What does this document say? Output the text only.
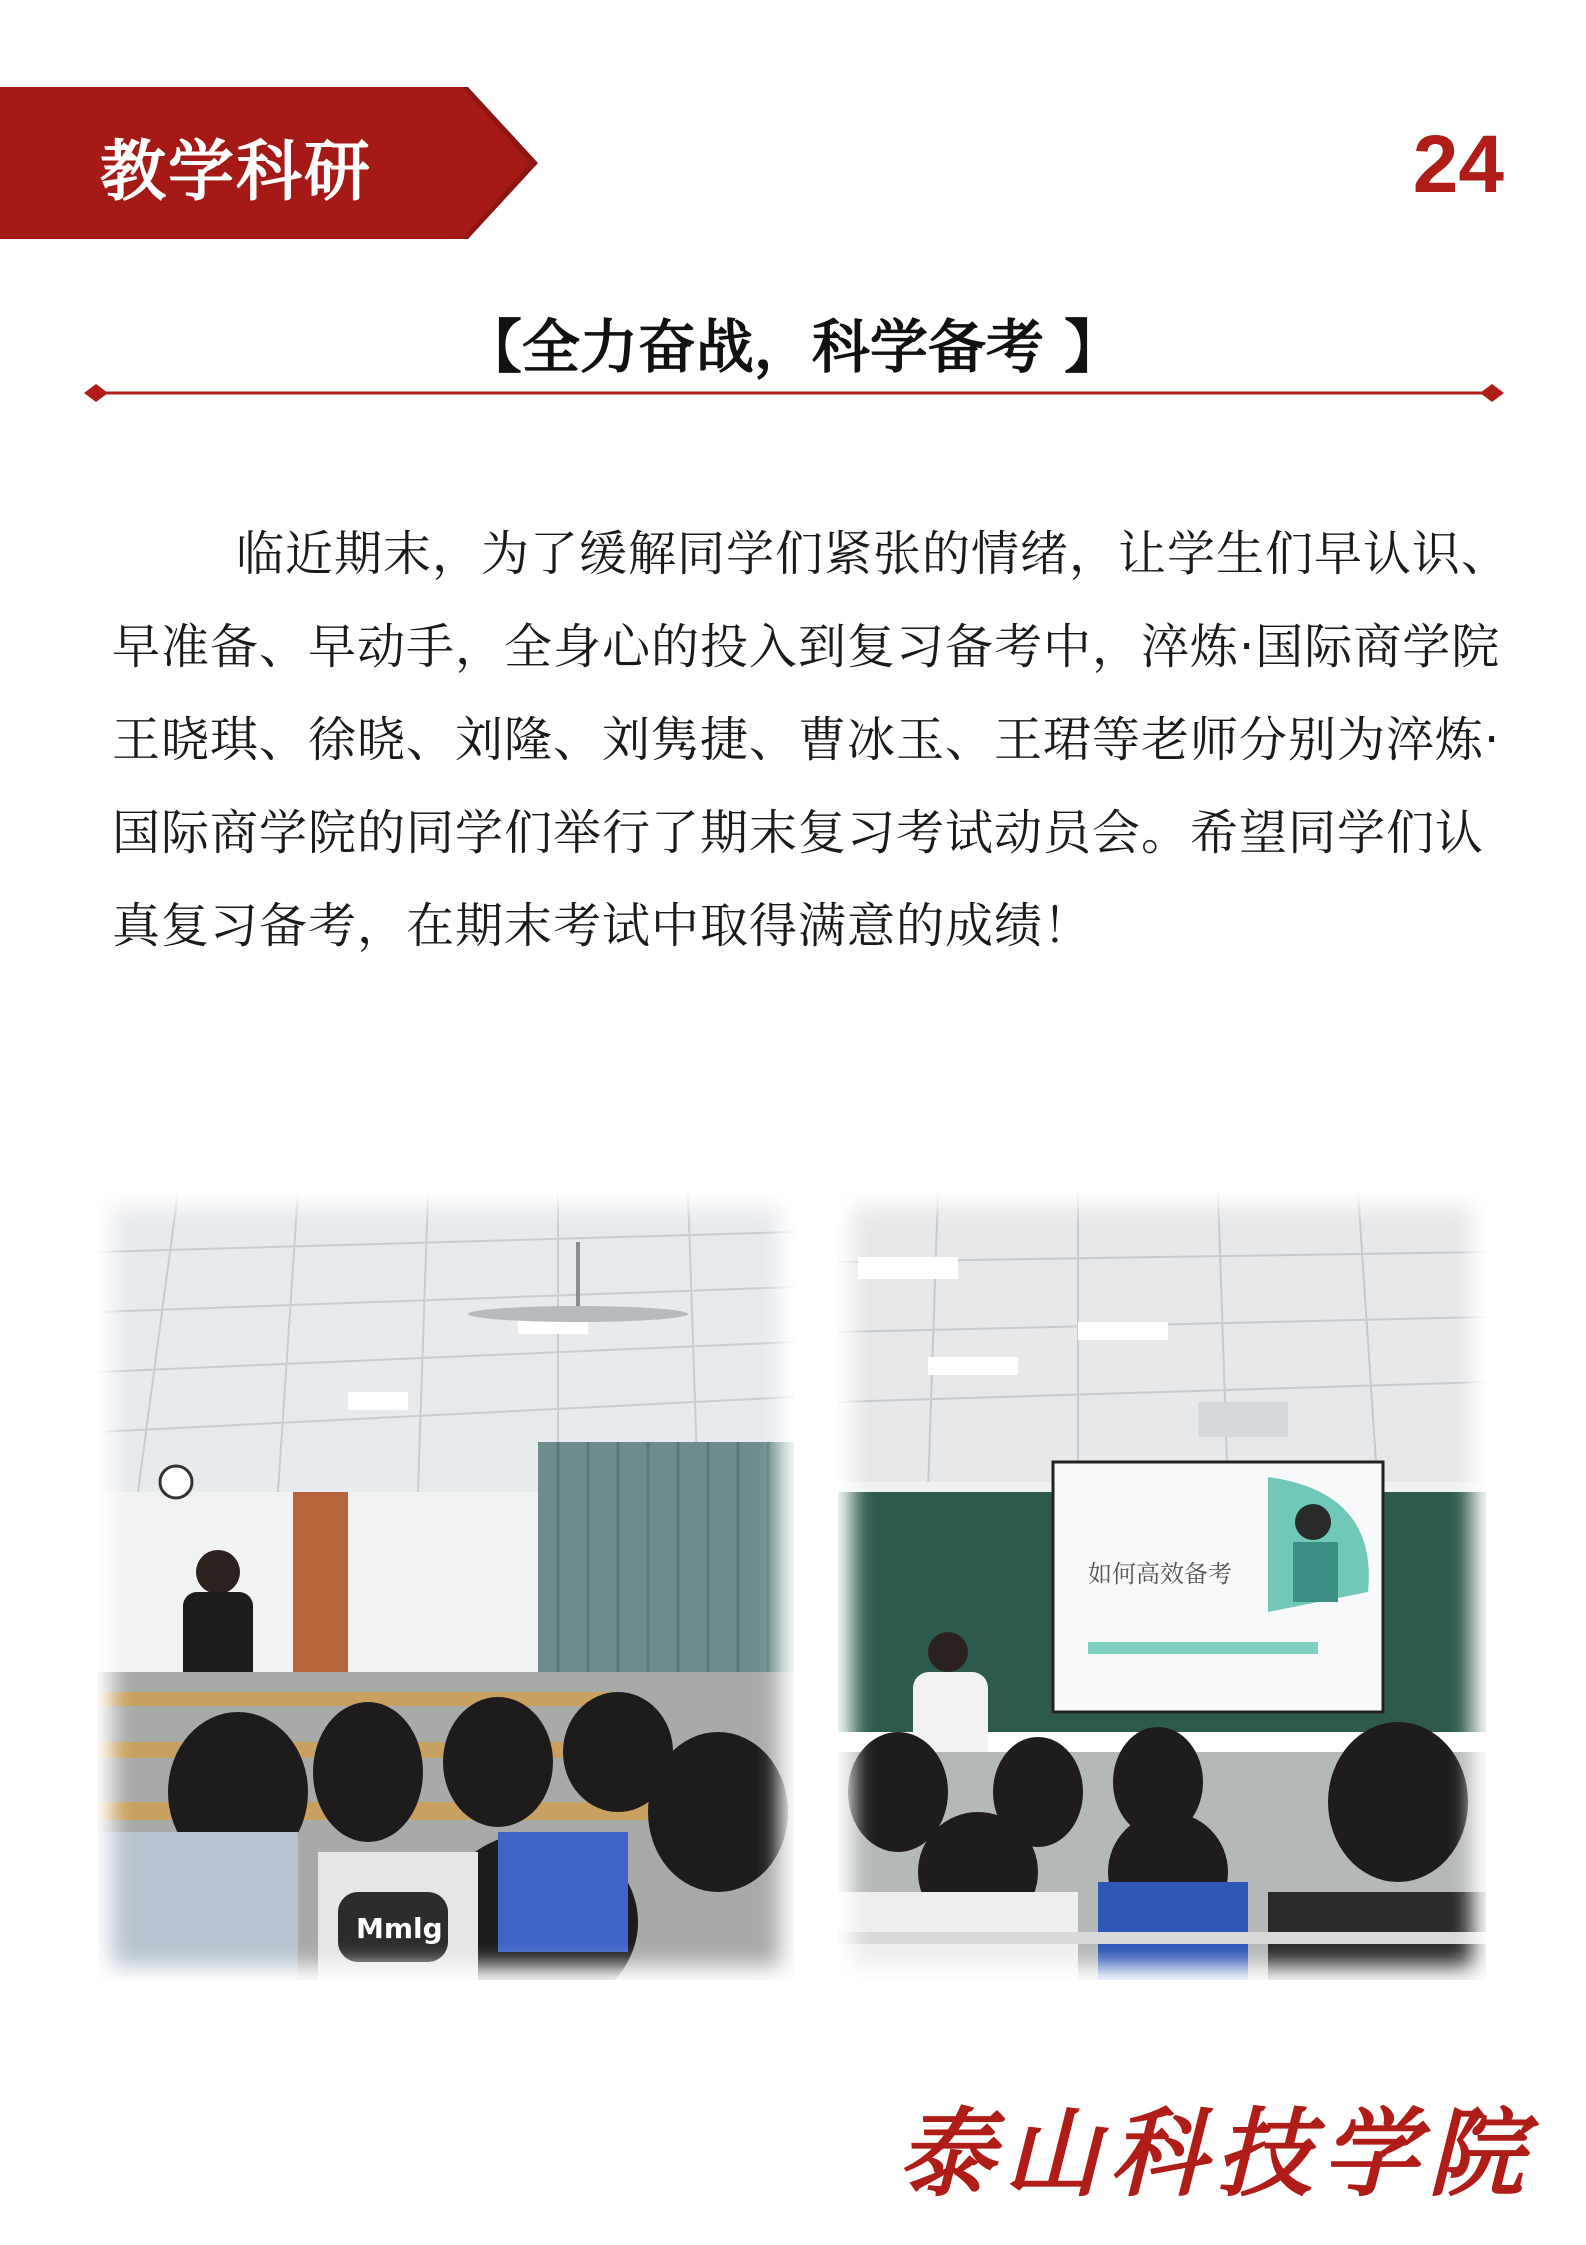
教学科研	24
【全力奋战，科学备考 】
临近期末，为了缓解同学们紧张的情绪，让学生们早认识、早准备、早动手，全身心的投入到复习备考中，淬炼·国际商学院王晓琪、徐晓、刘隆、刘隽捷、曹冰玉、王珺等老师分别为淬炼·国际商学院的同学们举行了期末复习考试动员会。希望同学们认真复习备考，在期末考试中取得满意的成绩！
Mmlg
如何高效备考
泰山科技学院
